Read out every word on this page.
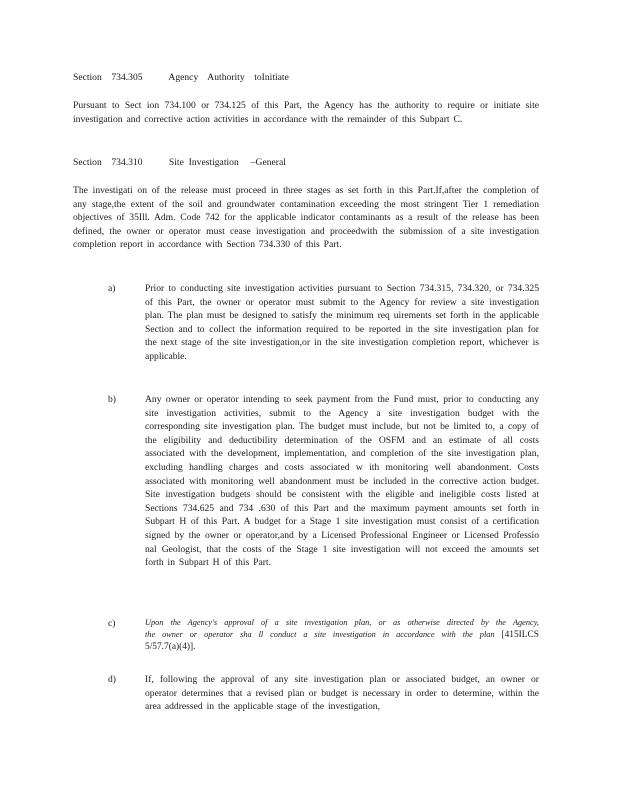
Section    734.305           Agency    Authority    toInitiate
Pursuant to Sect ion 734.100 or 734.125 of this Part, the Agency has the authority to require or initiate site investigation and corrective action activities in accordance with the remainder of this Subpart C.
Section    734.310           Site  Investigation     –General
The investigati on of the release must proceed in three stages as set forth in this Part.If,after the completion of any stage,the extent of the soil and groundwater contamination exceeding the most stringent Tier 1 remediation objectives of 35Ill. Adm. Code 742 for the applicable indicator contaminants as a result of the release has been defined, the owner or operator must cease investigation and proceedwith the submission of a site investigation completion report in accordance with Section 734.330 of this Part.
a)	Prior to conducting site investigation activities pursuant to Section 734.315, 734.320, or 734.325 of this Part, the owner or operator must submit to the Agency for review a site investigation plan. The plan must be designed to satisfy the minimum req uirements set forth in the applicable Section and to collect the information required to be reported in the site investigation plan for the next stage of the site investigation,or in the site investigation completion report, whichever is applicable.
b)	Any owner or operator intending to seek payment from the Fund must, prior to conducting any site investigation activities, submit to the Agency a site investigation budget with the corresponding site investigation plan. The budget must include, but not be limited to, a copy of the eligibility and deductibility determination of the OSFM and an estimate of all costs associated with the development, implementation, and completion of the site investigation plan, excluding handling charges and costs associated w ith monitoring well abandonment. Costs associated with monitoring well abandonment must be included in the corrective action budget. Site investigation budgets should be consistent with the eligible and ineligible costs listed at Sections 734.625 and 734 .630 of this Part and the maximum payment amounts set forth in Subpart H of this Part. A budget for a Stage 1 site investigation must consist of a certification signed by the owner or operator,and by a Licensed Professional Engineer or Licensed Professio nal Geologist, that the costs of the Stage 1 site investigation will not exceed the amounts set forth in Subpart H of this Part.
c)	Upon the Agency's approval of a site investigation plan, or as otherwise directed by the Agency, the owner or operator sha ll conduct a site investigation in accordance with the plan [415ILCS 5/57.7(a)(4)].
d)	If, following the approval of any site investigation plan or associated budget, an owner or operator determines that a revised plan or budget is necessary in order to determine, within the area addressed in the applicable stage of the investigation,
